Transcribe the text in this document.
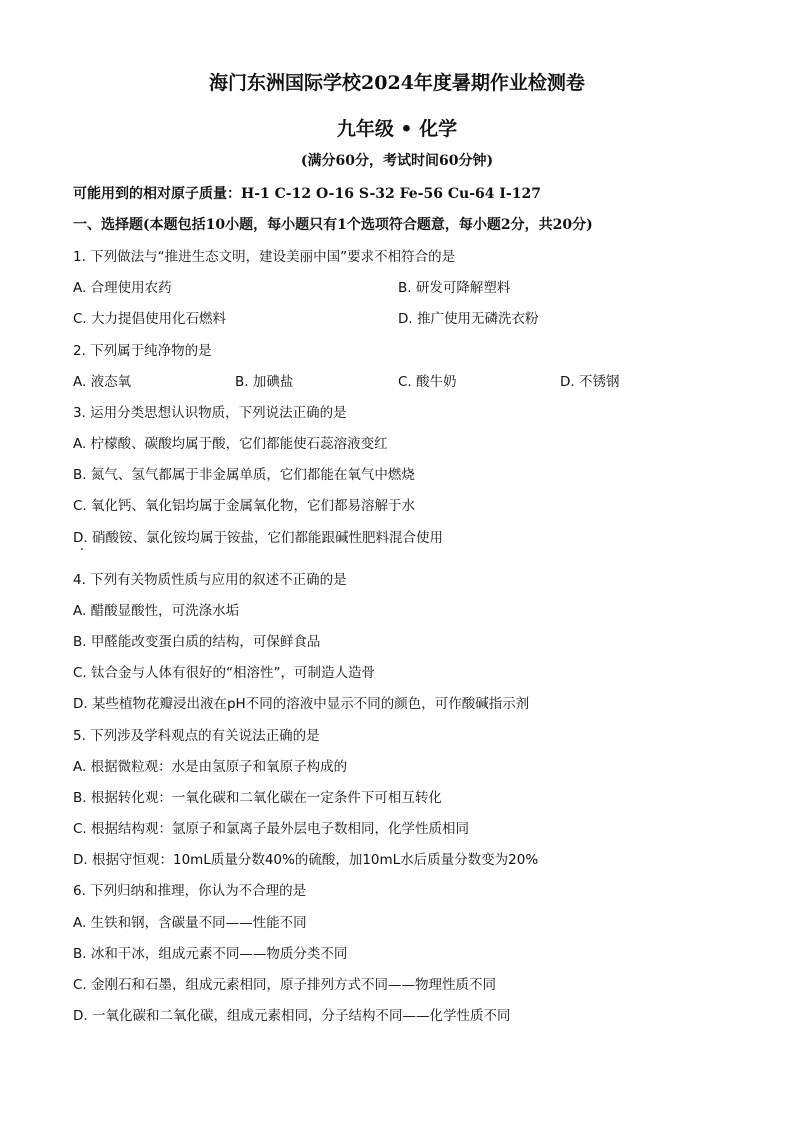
海门东洲国际学校2024年度暑期作业检测卷
九年级 • 化学
(满分60分，考试时间60分钟)
可能用到的相对原子质量：H-1 C-12 O-16 S-32 Fe-56 Cu-64 I-127
一、选择题(本题包括10小题，每小题只有1个选项符合题意，每小题2分，共20分)
1. 下列做法与“推进生态文明，建设美丽中国”要求不相符合的是
A. 合理使用农药	B. 研发可降解塑料
C. 大力提倡使用化石燃料	D. 推广使用无磷洗衣粉
2. 下列属于纯净物的是
A. 液态氧	B. 加碘盐	C. 酸牛奶	D. 不锈钢
3. 运用分类思想认识物质，下列说法正确的是
A. 柠檬酸、碳酸均属于酸，它们都能使石蕊溶液变红
B. 氮气、氢气都属于非金属单质，它们都能在氧气中燃烧
C. 氧化钙、氧化铝均属于金属氧化物，它们都易溶解于水
D. 硝酸铵、氯化铵均属于铵盐，它们都能跟碱性肥料混合使用
4. 下列有关物质性质与应用的叙述不正确的是
A. 醋酸显酸性，可洗涤水垢
B. 甲醛能改变蛋白质的结构，可保鲜食品
C. 钛合金与人体有很好的“相溶性”，可制造人造骨
D. 某些植物花瓣浸出液在pH不同的溶液中显示不同的颜色，可作酸碱指示剂
5. 下列涉及学科观点的有关说法正确的是
A. 根据微粒观：水是由氢原子和氧原子构成的
B. 根据转化观：一氧化碳和二氧化碳在一定条件下可相互转化
C. 根据结构观：氩原子和氯离子最外层电子数相同，化学性质相同
D. 根据守恒观：10mL质量分数40%的硫酸，加10mL水后质量分数变为20%
6. 下列归纳和推理，你认为不合理的是
A. 生铁和钢，含碳量不同——性能不同
B. 冰和干冰，组成元素不同——物质分类不同
C. 金刚石和石墨，组成元素相同，原子排列方式不同——物理性质不同
D. 一氧化碳和二氧化碳，组成元素相同，分子结构不同——化学性质不同
